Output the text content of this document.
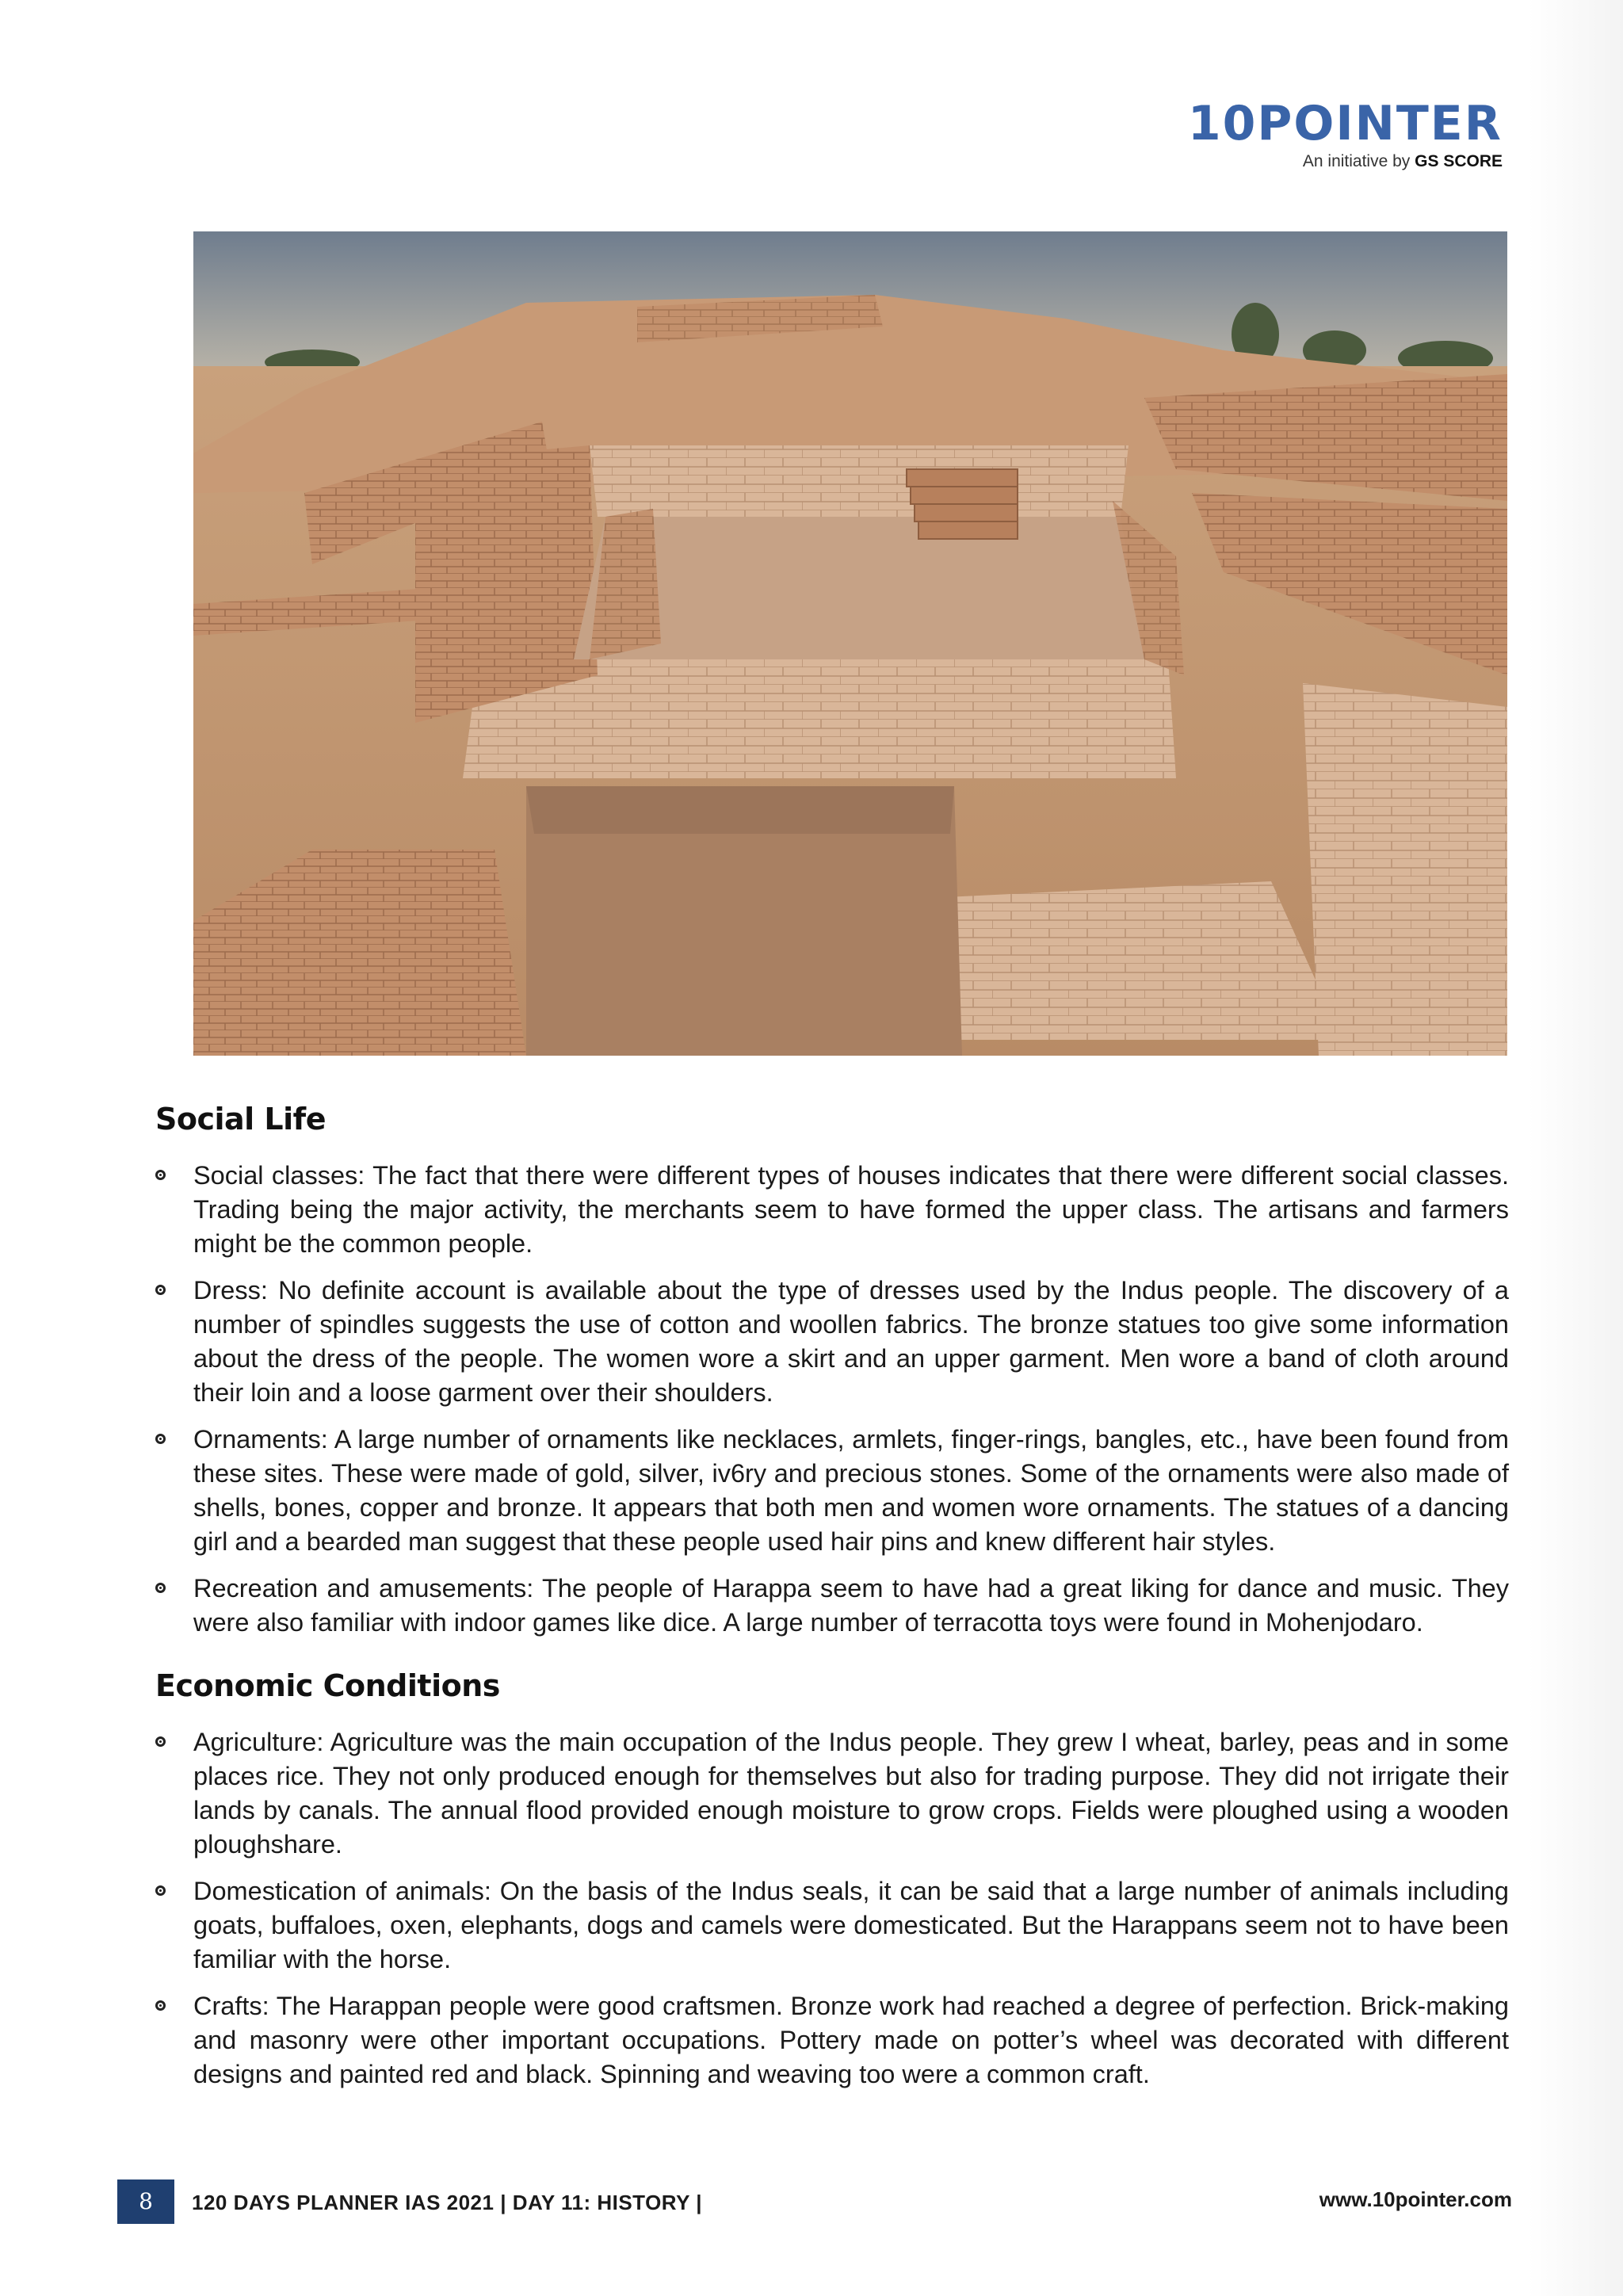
10POINTER
An initiative by GS SCORE
Social Life
Social classes: The fact that there were different types of houses indicates that there were different social classes. Trading being the major activity, the merchants seem to have formed the upper class. The artisans and farmers might be the common people.
Dress: No definite account is available about the type of dresses used by the Indus people. The discovery of a number of spindles suggests the use of cotton and woollen fabrics. The bronze statues too give some information about the dress of the people. The women wore a skirt and an upper garment. Men wore a band of cloth around their loin and a loose garment over their shoulders.
Ornaments: A large number of ornaments like necklaces, armlets, finger-rings, bangles, etc., have been found from these sites. These were made of gold, silver, iv6ry and precious stones. Some of the ornaments were also made of shells, bones, copper and bronze. It appears that both men and women wore ornaments. The statues of a dancing girl and a bearded man suggest that these people used hair pins and knew different hair styles.
Recreation and amusements: The people of Harappa seem to have had a great liking for dance and music. They were also familiar with indoor games like dice. A large number of terracotta toys were found in Mohenjodaro.
Economic Conditions
Agriculture: Agriculture was the main occupation of the Indus people. They grew I wheat, barley, peas and in some places rice. They not only produced enough for themselves but also for trading purpose. They did not irrigate their lands by canals. The annual flood provided enough moisture to grow crops. Fields were ploughed using a wooden ploughshare.
Domestication of animals: On the basis of the Indus seals, it can be said that a large number of animals including goats, buffaloes, oxen, elephants, dogs and camels were domesticated. But the Harappans seem not to have been familiar with the horse.
Crafts: The Harappan people were good craftsmen. Bronze work had reached a degree of perfection. Brick-making and masonry were other important occupations. Pottery made on potter’s wheel was decorated with different designs and painted red and black. Spinning and weaving too were a common craft.
8	120 DAYS PLANNER IAS 2021 | DAY 11: HISTORY |	www.10pointer.com
